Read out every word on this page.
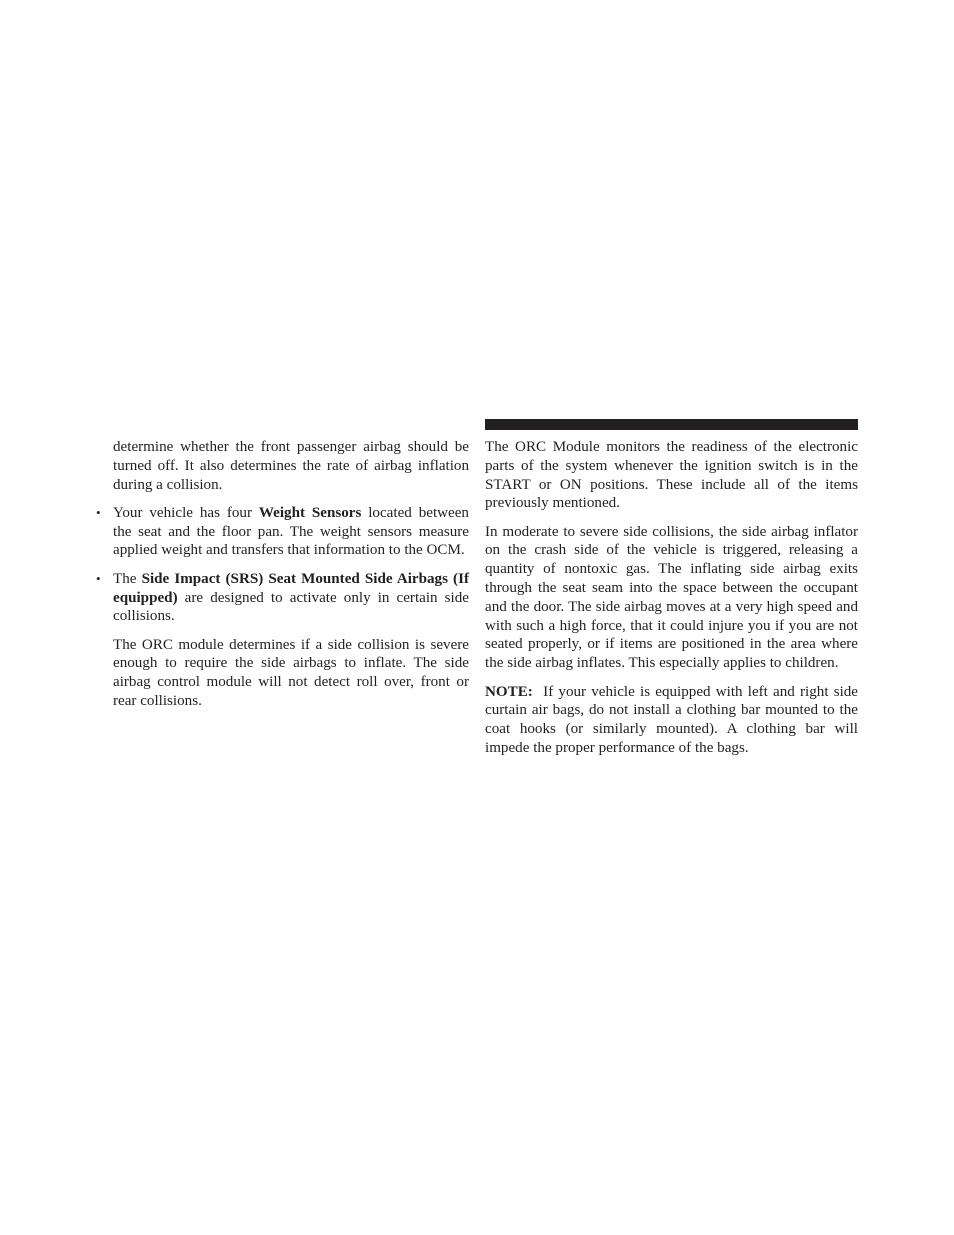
determine whether the front passenger airbag should be turned off. It also determines the rate of airbag inflation during a collision.

• Your vehicle has four Weight Sensors located between the seat and the floor pan. The weight sensors measure applied weight and transfers that information to the OCM.
• The Side Impact (SRS) Seat Mounted Side Airbags (If equipped) are designed to activate only in certain side collisions.

The ORC module determines if a side collision is severe enough to require the side airbags to inflate. The side airbag control module will not detect roll over, front or rear collisions.

The ORC Module monitors the readiness of the electronic parts of the system whenever the ignition switch is in the START or ON positions. These include all of the items previously mentioned.

In moderate to severe side collisions, the side airbag inflator on the crash side of the vehicle is triggered, releasing a quantity of nontoxic gas. The inflating side airbag exits through the seat seam into the space between the occupant and the door. The side airbag moves at a very high speed and with such a high force, that it could injure you if you are not seated properly, or if items are positioned in the area where the side airbag inflates. This especially applies to children.

NOTE: If your vehicle is equipped with left and right side curtain air bags, do not install a clothing bar mounted to the coat hooks (or similarly mounted). A clothing bar will impede the proper performance of the bags.
